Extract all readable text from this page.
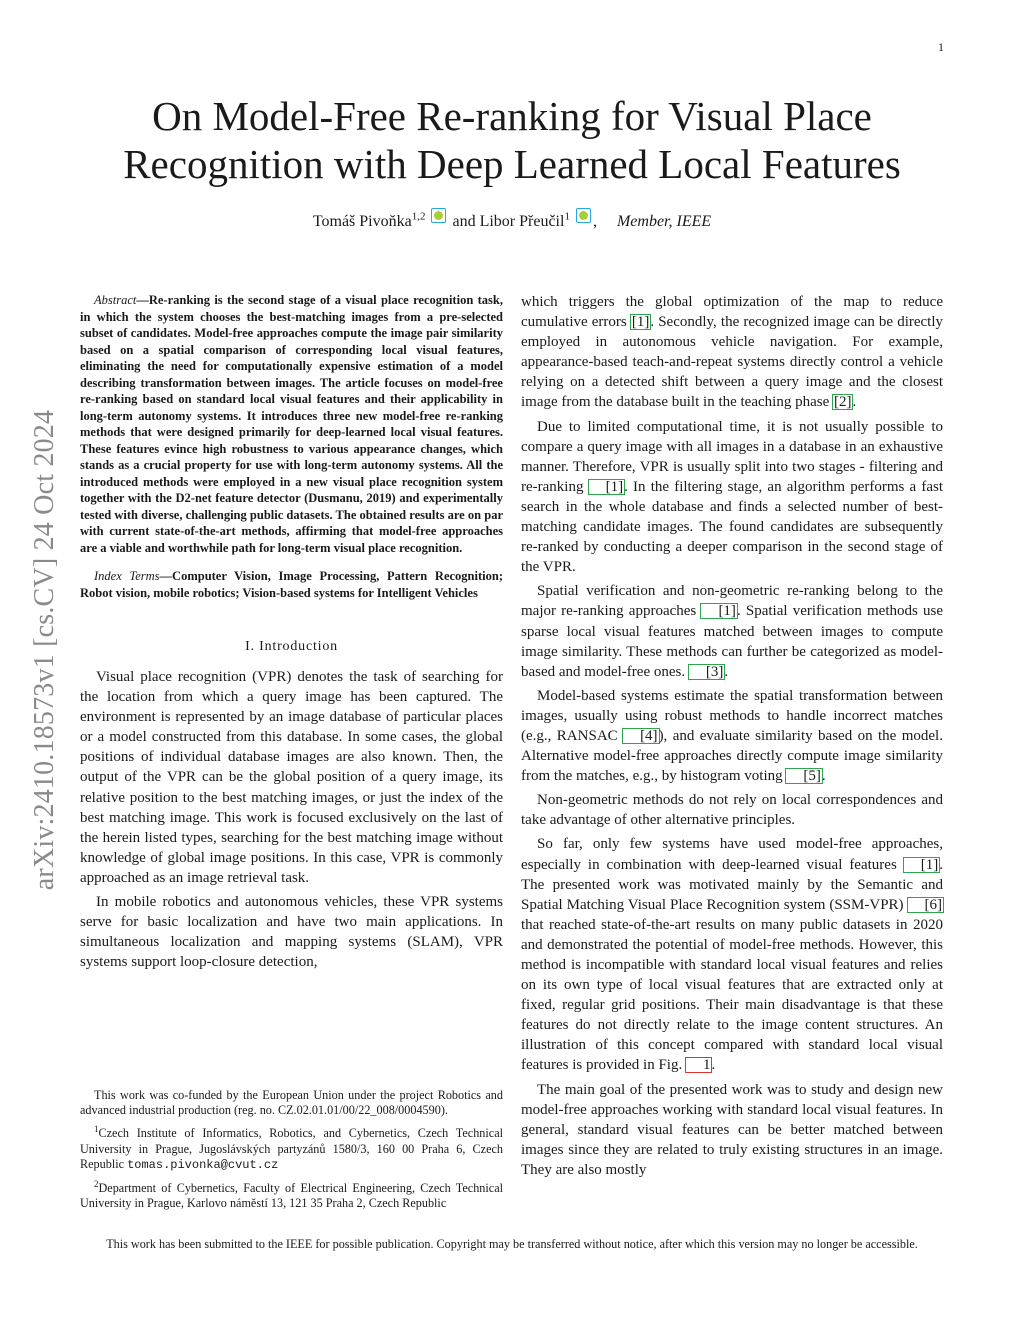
1
arXiv:2410.18573v1 [cs.CV] 24 Oct 2024
On Model-Free Re-ranking for Visual Place
Recognition with Deep Learned Local Features
Tomáš Pivoňka$^{1,2}$ and Libor Přeučil$^1$ , Member, IEEE

Abstract—Re-ranking is the second stage of a visual place recognition task, in which the system chooses the best-matching images from a pre-selected subset of candidates. Model-free approaches compute the image pair similarity based on a spatial comparison of corresponding local visual features, eliminating the need for computationally expensive estimation of a model describing transformation between images. The article focuses on model-free re-ranking based on standard local visual features and their applicability in long-term autonomy systems. It introduces three new model-free re-ranking methods that were designed primarily for deep-learned local visual features. These features evince high robustness to various appearance changes, which stands as a crucial property for use with long-term autonomy systems. All the introduced methods were employed in a new visual place recognition system together with the D2-net feature detector (Dusmanu, 2019) and experimentally tested with diverse, challenging public datasets. The obtained results are on par with current state-of-the-art methods, affirming that model-free approaches are a viable and worthwhile path for long-term visual place recognition.

Index Terms—Computer Vision, Image Processing, Pattern Recognition; Robot vision, mobile robotics; Vision-based systems for Intelligent Vehicles

I. Introduction

Visual place recognition (VPR) denotes the task of searching for the location from which a query image has been captured. The environment is represented by an image database of particular places or a model constructed from this database. In some cases, the global positions of individual database images are also known. Then, the output of the VPR can be the global position of a query image, its relative position to the best matching images, or just the index of the best matching image. This work is focused exclusively on the last of the herein listed types, searching for the best matching image without knowledge of global image positions. In this case, VPR is commonly approached as an image retrieval task.

In mobile robotics and autonomous vehicles, these VPR systems serve for basic localization and have two main applications. In simultaneous localization and mapping systems (SLAM), VPR systems support loop-closure detection,

This work was co-funded by the European Union under the project Robotics and advanced industrial production (reg. no. CZ.02.01.01/00/22_008/0004590).

$^1$Czech Institute of Informatics, Robotics, and Cybernetics, Czech Technical University in Prague, Jugoslávských partyzánů 1580/3, 160 00 Praha 6, Czech Republic tomas.pivonka@cvut.cz

$^2$Department of Cybernetics, Faculty of Electrical Engineering, Czech Technical University in Prague, Karlovo náměstí 13, 121 35 Praha 2, Czech Republic

which triggers the global optimization of the map to reduce cumulative errors [1]. Secondly, the recognized image can be directly employed in autonomous vehicle navigation. For example, appearance-based teach-and-repeat systems directly control a vehicle relying on a detected shift between a query image and the closest image from the database built in the teaching phase [2].

Due to limited computational time, it is not usually possible to compare a query image with all images in a database in an exhaustive manner. Therefore, VPR is usually split into two stages - filtering and re-ranking [1]. In the filtering stage, an algorithm performs a fast search in the whole database and finds a selected number of best-matching candidate images. The found candidates are subsequently re-ranked by conducting a deeper comparison in the second stage of the VPR.

Spatial verification and non-geometric re-ranking belong to the major re-ranking approaches [1]. Spatial verification methods use sparse local visual features matched between images to compute image similarity. These methods can further be categorized as model-based and model-free ones. [3].

Model-based systems estimate the spatial transformation between images, usually using robust methods to handle incorrect matches (e.g., RANSAC [4]), and evaluate similarity based on the model. Alternative model-free approaches directly compute image similarity from the matches, e.g., by histogram voting [5].

Non-geometric methods do not rely on local correspondences and take advantage of other alternative principles.

So far, only few systems have used model-free approaches, especially in combination with deep-learned visual features [1]. The presented work was motivated mainly by the Semantic and Spatial Matching Visual Place Recognition system (SSM-VPR) [6] that reached state-of-the-art results on many public datasets in 2020 and demonstrated the potential of model-free methods. However, this method is incompatible with standard local visual features and relies on its own type of local visual features that are extracted only at fixed, regular grid positions. Their main disadvantage is that these features do not directly relate to the image content structures. An illustration of this concept compared with standard local visual features is provided in Fig. 1.

The main goal of the presented work was to study and design new model-free approaches working with standard local visual features. In general, standard visual features can be better matched between images since they are related to truly existing structures in an image. They are also mostly

This work has been submitted to the IEEE for possible publication. Copyright may be transferred without notice, after which this version may no longer be accessible.
